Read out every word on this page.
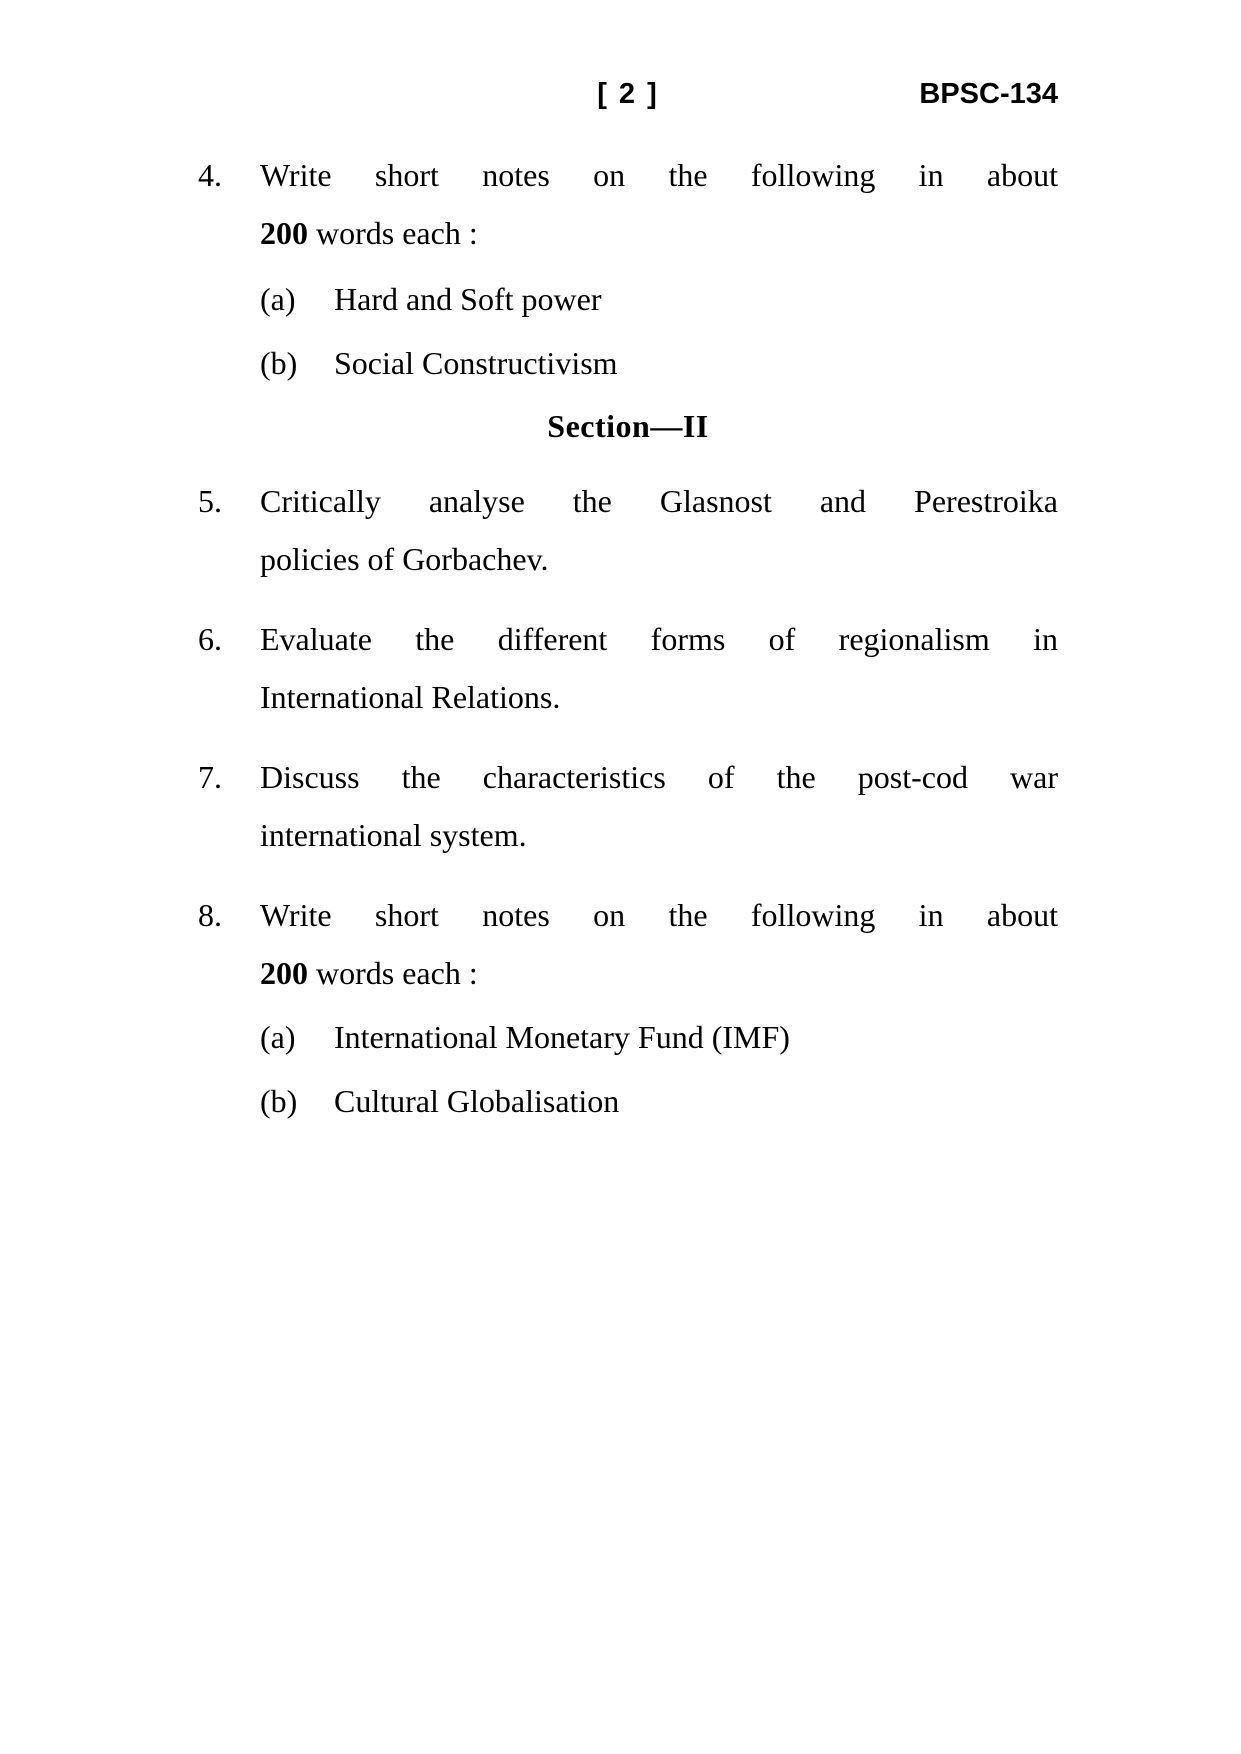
[ 2 ]	BPSC-134
4.	Write short notes on the following in about
200 words each :
(a)	Hard and Soft power
(b)	Social Constructivism
Section—II
5.	Critically analyse the Glasnost and Perestroika
policies of Gorbachev.
6.	Evaluate the different forms of regionalism in
International Relations.
7.	Discuss the characteristics of the post-cod war
international system.
8.	Write short notes on the following in about
200 words each :
(a)	International Monetary Fund (IMF)
(b)	Cultural Globalisation
